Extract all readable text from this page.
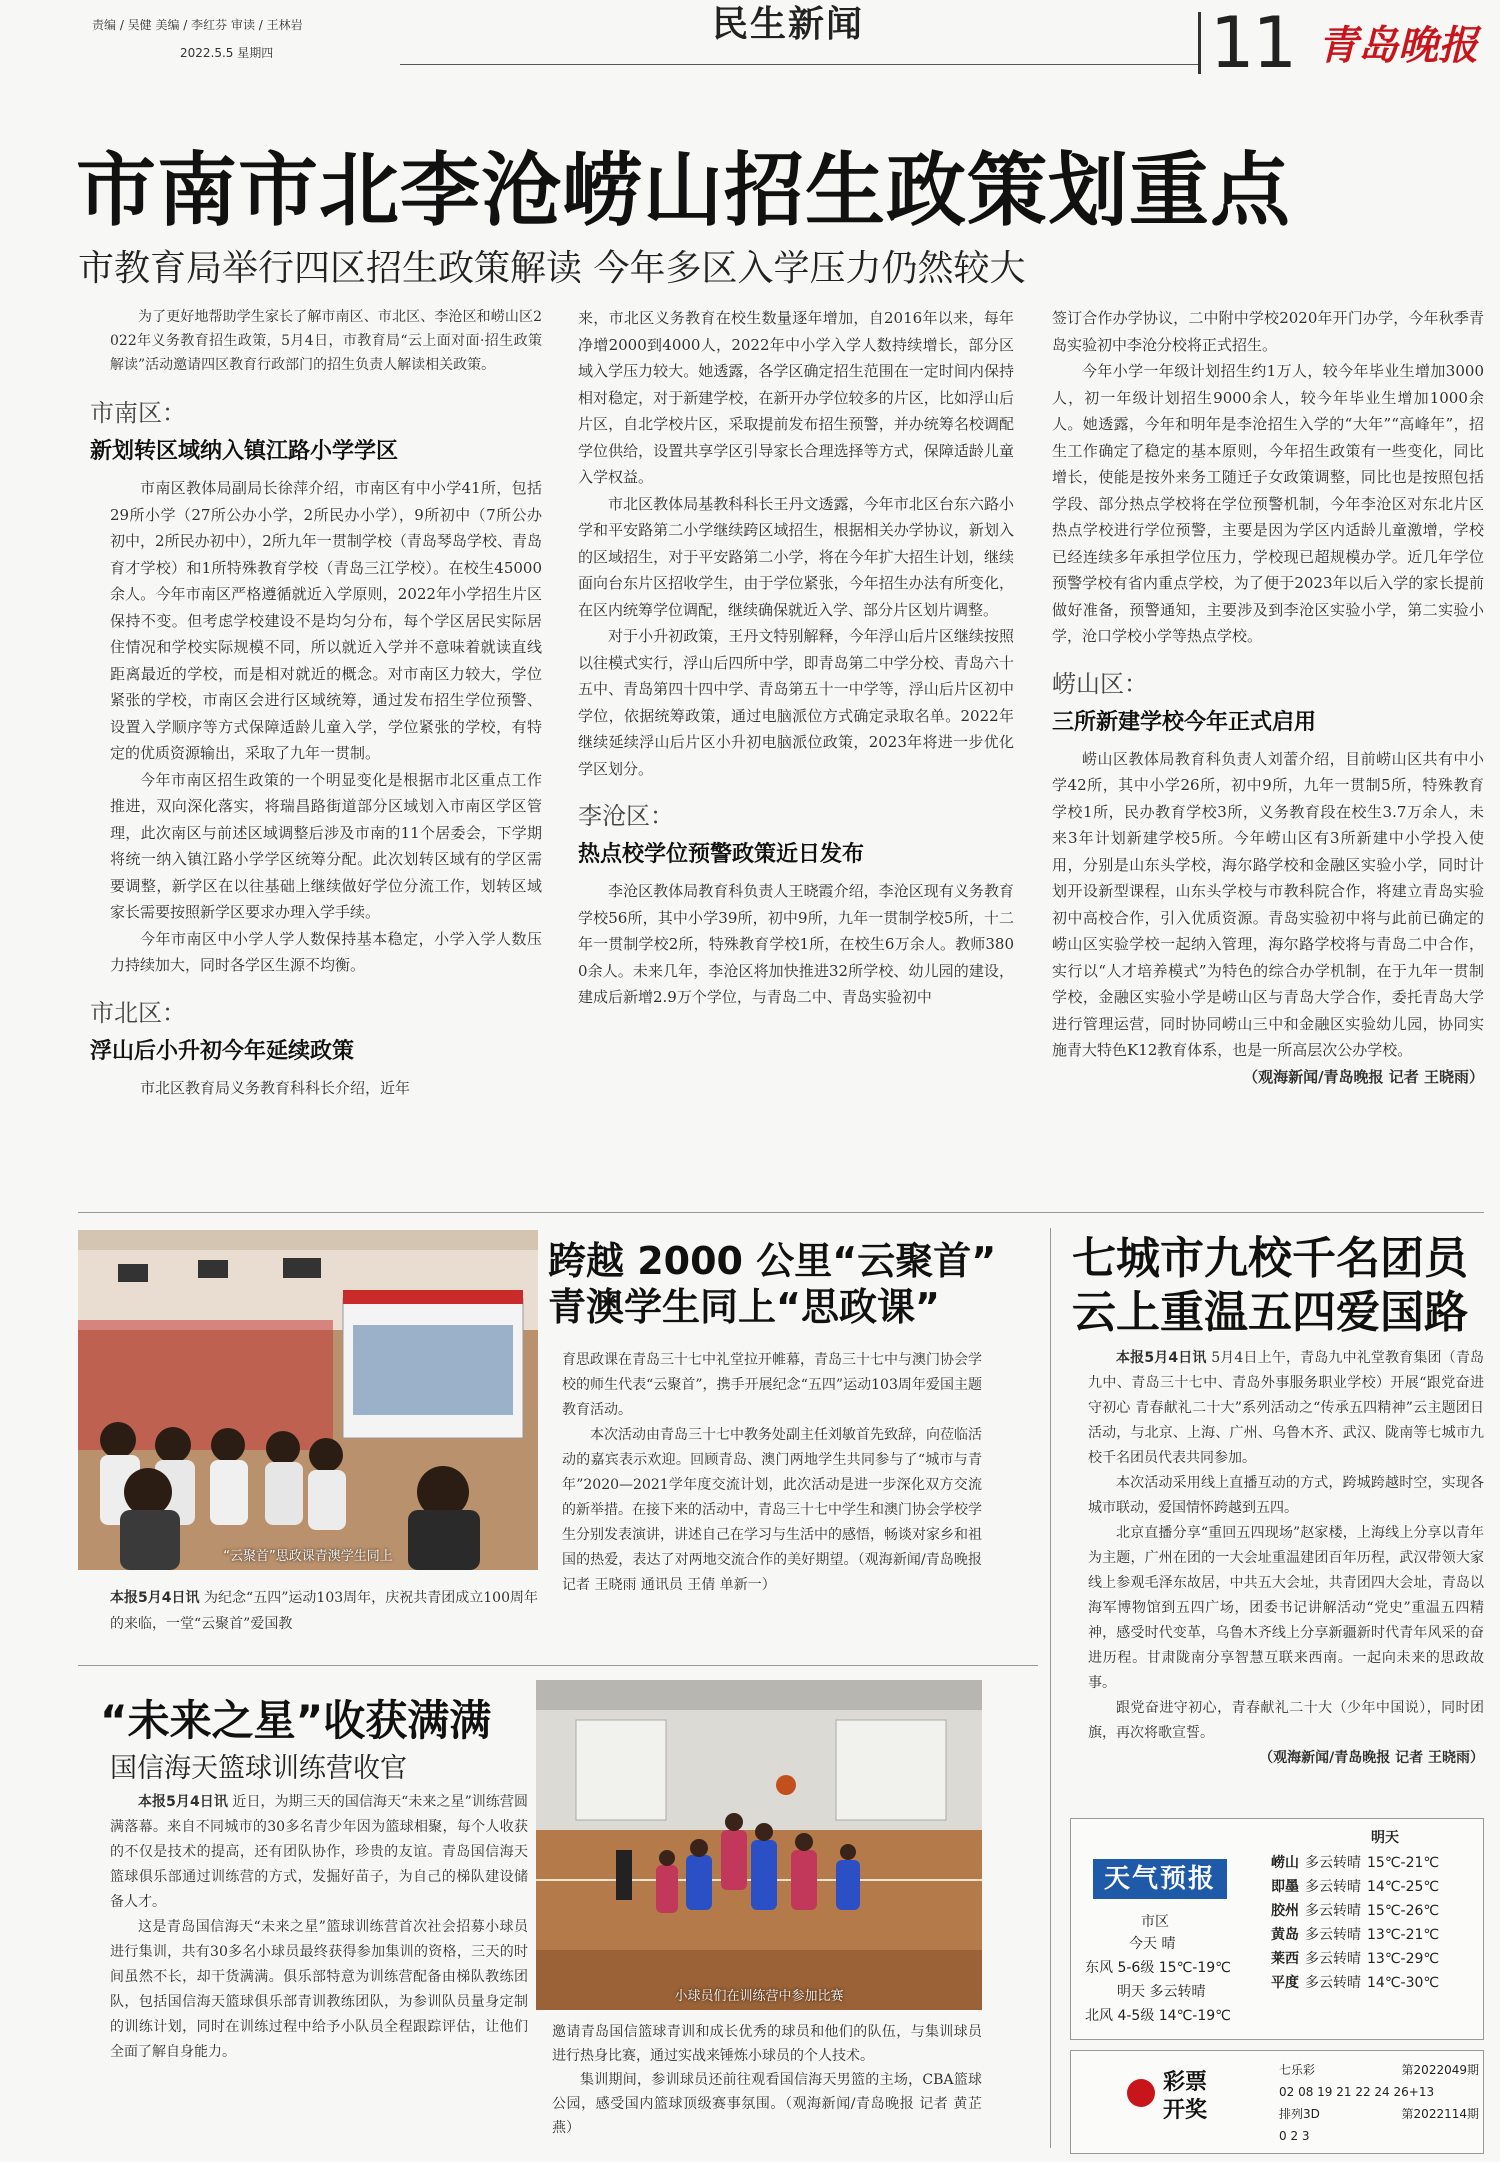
责编 / 吴健 美编 / 李红芬 审读 / 王林岩
2022.5.5 星期四
民生新闻	11 青岛晚报
市南市北李沧崂山招生政策划重点
市教育局举行四区招生政策解读 今年多区入学压力仍然较大

为了更好地帮助学生家长了解市南区、市北区、李沧区和崂山区2022年义务教育招生政策，5月4日，市教育局“云上面对面·招生政策解读”活动邀请四区教育行政部门的招生负责人解读相关政策。

市南区：
新划转区域纳入镇江路小学学区

市南区教体局副局长徐萍介绍，市南区有中小学41所，包括29所小学（27所公办小学，2所民办小学），9所初中（7所公办初中，2所民办初中），2所九年一贯制学校（青岛琴岛学校、青岛育才学校）和1所特殊教育学校（青岛三江学校）。在校生45000余人。今年市南区严格遵循就近入学原则，2022年小学招生片区保持不变。但考虑学校建设不是均匀分布，每个学区居民实际居住情况和学校实际规模不同，所以就近入学并不意味着就读直线距离最近的学校，而是相对就近的概念。对市南区力较大，学位紧张的学校，市南区会进行区域统筹，通过发布招生学位预警、设置入学顺序等方式保障适龄儿童入学，学位紧张的学校，有特定的优质资源输出，采取了九年一贯制。

今年市南区招生政策的一个明显变化是根据市北区重点工作推进，双向深化落实，将瑞昌路街道部分区域划入市南区学区管理，此次南区与前述区域调整后涉及市南的11个居委会，下学期将统一纳入镇江路小学学区统筹分配。此次划转区域有的学区需要调整，新学区在以往基础上继续做好学位分流工作，划转区域家长需要按照新学区要求办理入学手续。

今年市南区中小学人学人数保持基本稳定，小学入学人数压力持续加大，同时各学区生源不均衡。

市北区：
浮山后小升初今年延续政策

市北区教育局义务教育科科长介绍，近年

来，市北区义务教育在校生数量逐年增加，自2016年以来，每年净增2000到4000人，2022年中小学入学人数持续增长，部分区域入学压力较大。她透露，各学区确定招生范围在一定时间内保持相对稳定，对于新建学校，在新开办学位较多的片区，比如浮山后片区，自北学校片区，采取提前发布招生预警，并办统筹名校调配学位供给，设置共享学区引导家长合理选择等方式，保障适龄儿童入学权益。

市北区教体局基教科科长王丹文透露，今年市北区台东六路小学和平安路第二小学继续跨区域招生，根据相关办学协议，新划入的区域招生，对于平安路第二小学，将在今年扩大招生计划，继续面向台东片区招收学生，由于学位紧张，今年招生办法有所变化，在区内统筹学位调配，继续确保就近入学、部分片区划片调整。

对于小升初政策，王丹文特别解释，今年浮山后片区继续按照以往模式实行，浮山后四所中学，即青岛第二中学分校、青岛六十五中、青岛第四十四中学、青岛第五十一中学等，浮山后片区初中学位，依据统筹政策，通过电脑派位方式确定录取名单。2022年继续延续浮山后片区小升初电脑派位政策，2023年将进一步优化学区划分。

李沧区：
热点校学位预警政策近日发布

李沧区教体局教育科负责人王晓霞介绍，李沧区现有义务教育学校56所，其中小学39所，初中9所，九年一贯制学校5所，十二年一贯制学校2所，特殊教育学校1所，在校生6万余人。教师3800余人。未来几年，李沧区将加快推进32所学校、幼儿园的建设，建成后新增2.9万个学位，与青岛二中、青岛实验初中

签订合作办学协议，二中附中学校2020年开门办学，今年秋季青岛实验初中李沧分校将正式招生。

今年小学一年级计划招生约1万人，较今年毕业生增加3000人，初一年级计划招生9000余人，较今年毕业生增加1000余人。她透露，今年和明年是李沧招生入学的“大年”“高峰年”，招生工作确定了稳定的基本原则，今年招生政策有一些变化，同比增长，使能是按外来务工随迁子女政策调整，同比也是按照包括学段、部分热点学校将在学位预警机制，今年李沧区对东北片区热点学校进行学位预警，主要是因为学区内适龄儿童激增，学校已经连续多年承担学位压力，学校现已超规模办学。近几年学位预警学校有省内重点学校，为了便于2023年以后入学的家长提前做好准备，预警通知，主要涉及到李沧区实验小学，第二实验小学，沧口学校小学等热点学校。

崂山区：
三所新建学校今年正式启用

崂山区教体局教育科负责人刘蕾介绍，目前崂山区共有中小学42所，其中小学26所，初中9所，九年一贯制5所，特殊教育学校1所，民办教育学校3所，义务教育段在校生3.7万余人，未来3年计划新建学校5所。今年崂山区有3所新建中小学投入使用，分别是山东头学校，海尔路学校和金融区实验小学，同时计划开设新型课程，山东头学校与市教科院合作，将建立青岛实验初中高校合作，引入优质资源。青岛实验初中将与此前已确定的崂山区实验学校一起纳入管理，海尔路学校将与青岛二中合作，实行以“人才培养模式”为特色的综合办学机制，在于九年一贯制学校，金融区实验小学是崂山区与青岛大学合作，委托青岛大学进行管理运营，同时协同崂山三中和金融区实验幼儿园，协同实施青大特色K12教育体系，也是一所高层次公办学校。

（观海新闻/青岛晚报 记者 王晓雨）

“云聚首”思政课青澳学生同上
本报5月4日讯 为纪念“五四”运动103周年，庆祝共青团成立100周年的来临，一堂“云聚首”爱国教
跨越 2000 公里“云聚首”
青澳学生同上“思政课”

育思政课在青岛三十七中礼堂拉开帷幕，青岛三十七中与澳门协会学校的师生代表“云聚首”，携手开展纪念“五四”运动103周年爱国主题教育活动。

本次活动由青岛三十七中教务处副主任刘敏首先致辞，向莅临活动的嘉宾表示欢迎。回顾青岛、澳门两地学生共同参与了“城市与青年”2020—2021学年度交流计划，此次活动是进一步深化双方交流的新举措。在接下来的活动中，青岛三十七中学生和澳门协会学校学生分别发表演讲，讲述自己在学习与生活中的感悟，畅谈对家乡和祖国的热爱，表达了对两地交流合作的美好期望。（观海新闻/青岛晚报 记者 王晓雨 通讯员 王倩 单新一）

七城市九校千名团员
云上重温五四爱国路

本报5月4日讯 5月4日上午，青岛九中礼堂教育集团（青岛九中、青岛三十七中、青岛外事服务职业学校）开展“跟党奋进守初心 青春献礼二十大”系列活动之“传承五四精神”云主题团日活动，与北京、上海、广州、乌鲁木齐、武汉、陇南等七城市九校千名团员代表共同参加。

本次活动采用线上直播互动的方式，跨城跨越时空，实现各城市联动，爱国情怀跨越到五四。

北京直播分享“重回五四现场”赵家楼，上海线上分享以青年为主题，广州在团的一大会址重温建团百年历程，武汉带领大家线上参观毛泽东故居，中共五大会址，共青团四大会址，青岛以海军博物馆到五四广场，团委书记讲解活动“党史”重温五四精神，感受时代变革，乌鲁木齐线上分享新疆新时代青年风采的奋进历程。甘肃陇南分享智慧互联来西南。一起向未来的思政故事。

跟党奋进守初心，青春献礼二十大（少年中国说），同时团旗，再次将歌宣誓。

（观海新闻/青岛晚报 记者 王晓雨）

“未来之星”收获满满
国信海天篮球训练营收官

本报5月4日讯 近日，为期三天的国信海天“未来之星”训练营圆满落幕。来自不同城市的30多名青少年因为篮球相聚，每个人收获的不仅是技术的提高，还有团队协作，珍贵的友谊。青岛国信海天篮球俱乐部通过训练营的方式，发掘好苗子，为自己的梯队建设储备人才。

这是青岛国信海天“未来之星”篮球训练营首次社会招募小球员进行集训，共有30多名小球员最终获得参加集训的资格，三天的时间虽然不长，却干货满满。俱乐部特意为训练营配备由梯队教练团队，包括国信海天篮球俱乐部青训教练团队，为参训队员量身定制的训练计划，同时在训练过程中给予小队员全程跟踪评估，让他们全面了解自身能力。

小球员们在训练营中参加比赛

邀请青岛国信篮球青训和成长优秀的球员和他们的队伍，与集训球员进行热身比赛，通过实战来锤炼小球员的个人技术。

集训期间，参训球员还前往观看国信海天男篮的主场，CBA篮球公园，感受国内篮球顶级赛事氛围。（观海新闻/青岛晚报 记者 黄芷燕）

天气预报
市区
今天 晴
东风 5-6级 15℃-19℃
明天 多云转晴
北风 4-5级 14℃-19℃
明天
崂山 多云转晴 15℃-21℃
即墨 多云转晴 14℃-25℃
胶州 多云转晴 15℃-26℃
黄岛 多云转晴 13℃-21℃
莱西 多云转晴 13℃-29℃
平度 多云转晴 14℃-30℃
彩票
开奖
七乐彩	第2022049期
02 08 19 21 22 24 26+13
排列3D	第2022114期
0 2 3
